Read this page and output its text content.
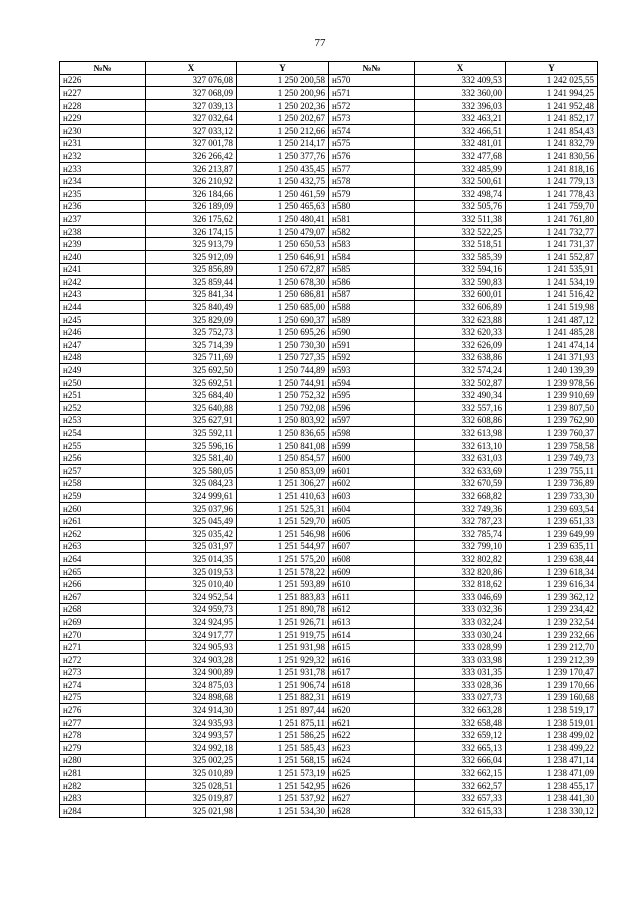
77
№№	X	Y	№№	X	Y
н226	327 076,08	1 250 200,58	н570	332 409,53	1 242 025,55
н227	327 068,09	1 250 200,96	н571	332 360,00	1 241 994,25
н228	327 039,13	1 250 202,36	н572	332 396,03	1 241 952,48
н229	327 032,64	1 250 202,67	н573	332 463,21	1 241 852,17
н230	327 033,12	1 250 212,66	н574	332 466,51	1 241 854,43
н231	327 001,78	1 250 214,17	н575	332 481,01	1 241 832,79
н232	326 266,42	1 250 377,76	н576	332 477,68	1 241 830,56
н233	326 213,87	1 250 435,45	н577	332 485,99	1 241 818,16
н234	326 210,92	1 250 432,75	н578	332 500,61	1 241 779,13
н235	326 184,66	1 250 461,59	н579	332 498,74	1 241 778,43
н236	326 189,09	1 250 465,63	н580	332 505,76	1 241 759,70
н237	326 175,62	1 250 480,41	н581	332 511,38	1 241 761,80
н238	326 174,15	1 250 479,07	н582	332 522,25	1 241 732,77
н239	325 913,79	1 250 650,53	н583	332 518,51	1 241 731,37
н240	325 912,09	1 250 646,91	н584	332 585,39	1 241 552,87
н241	325 856,89	1 250 672,87	н585	332 594,16	1 241 535,91
н242	325 859,44	1 250 678,30	н586	332 590,83	1 241 534,19
н243	325 841,34	1 250 686,81	н587	332 600,01	1 241 516,42
н244	325 840,49	1 250 685,00	н588	332 606,89	1 241 519,98
н245	325 829,09	1 250 690,37	н589	332 623,88	1 241 487,12
н246	325 752,73	1 250 695,26	н590	332 620,33	1 241 485,28
н247	325 714,39	1 250 730,30	н591	332 626,09	1 241 474,14
н248	325 711,69	1 250 727,35	н592	332 638,86	1 241 371,93
н249	325 692,50	1 250 744,89	н593	332 574,24	1 240 139,39
н250	325 692,51	1 250 744,91	н594	332 502,87	1 239 978,56
н251	325 684,40	1 250 752,32	н595	332 490,34	1 239 910,69
н252	325 640,88	1 250 792,08	н596	332 557,16	1 239 807,50
н253	325 627,91	1 250 803,92	н597	332 608,86	1 239 762,90
н254	325 592,11	1 250 836,65	н598	332 613,98	1 239 760,37
н255	325 596,16	1 250 841,08	н599	332 613,10	1 239 758,58
н256	325 581,40	1 250 854,57	н600	332 631,03	1 239 749,73
н257	325 580,05	1 250 853,09	н601	332 633,69	1 239 755,11
н258	325 084,23	1 251 306,27	н602	332 670,59	1 239 736,89
н259	324 999,61	1 251 410,63	н603	332 668,82	1 239 733,30
н260	325 037,96	1 251 525,31	н604	332 749,36	1 239 693,54
н261	325 045,49	1 251 529,70	н605	332 787,23	1 239 651,33
н262	325 035,42	1 251 546,98	н606	332 785,74	1 239 649,99
н263	325 031,97	1 251 544,97	н607	332 799,10	1 239 635,11
н264	325 014,35	1 251 575,20	н608	332 802,82	1 239 638,44
н265	325 019,53	1 251 578,22	н609	332 820,86	1 239 618,34
н266	325 010,40	1 251 593,89	н610	332 818,62	1 239 616,34
н267	324 952,54	1 251 883,83	н611	333 046,69	1 239 362,12
н268	324 959,73	1 251 890,78	н612	333 032,36	1 239 234,42
н269	324 924,95	1 251 926,71	н613	333 032,24	1 239 232,54
н270	324 917,77	1 251 919,75	н614	333 030,24	1 239 232,66
н271	324 905,93	1 251 931,98	н615	333 028,99	1 239 212,70
н272	324 903,28	1 251 929,32	н616	333 033,98	1 239 212,39
н273	324 900,89	1 251 931,78	н617	333 031,35	1 239 170,47
н274	324 875,03	1 251 906,74	н618	333 028,36	1 239 170,66
н275	324 898,68	1 251 882,31	н619	333 027,73	1 239 160,68
н276	324 914,30	1 251 897,44	н620	332 663,28	1 238 519,17
н277	324 935,93	1 251 875,11	н621	332 658,48	1 238 519,01
н278	324 993,57	1 251 586,25	н622	332 659,12	1 238 499,02
н279	324 992,18	1 251 585,43	н623	332 665,13	1 238 499,22
н280	325 002,25	1 251 568,15	н624	332 666,04	1 238 471,14
н281	325 010,89	1 251 573,19	н625	332 662,15	1 238 471,09
н282	325 028,51	1 251 542,95	н626	332 662,57	1 238 455,17
н283	325 019,87	1 251 537,92	н627	332 657,33	1 238 441,30
н284	325 021,98	1 251 534,30	н628	332 615,33	1 238 330,12
